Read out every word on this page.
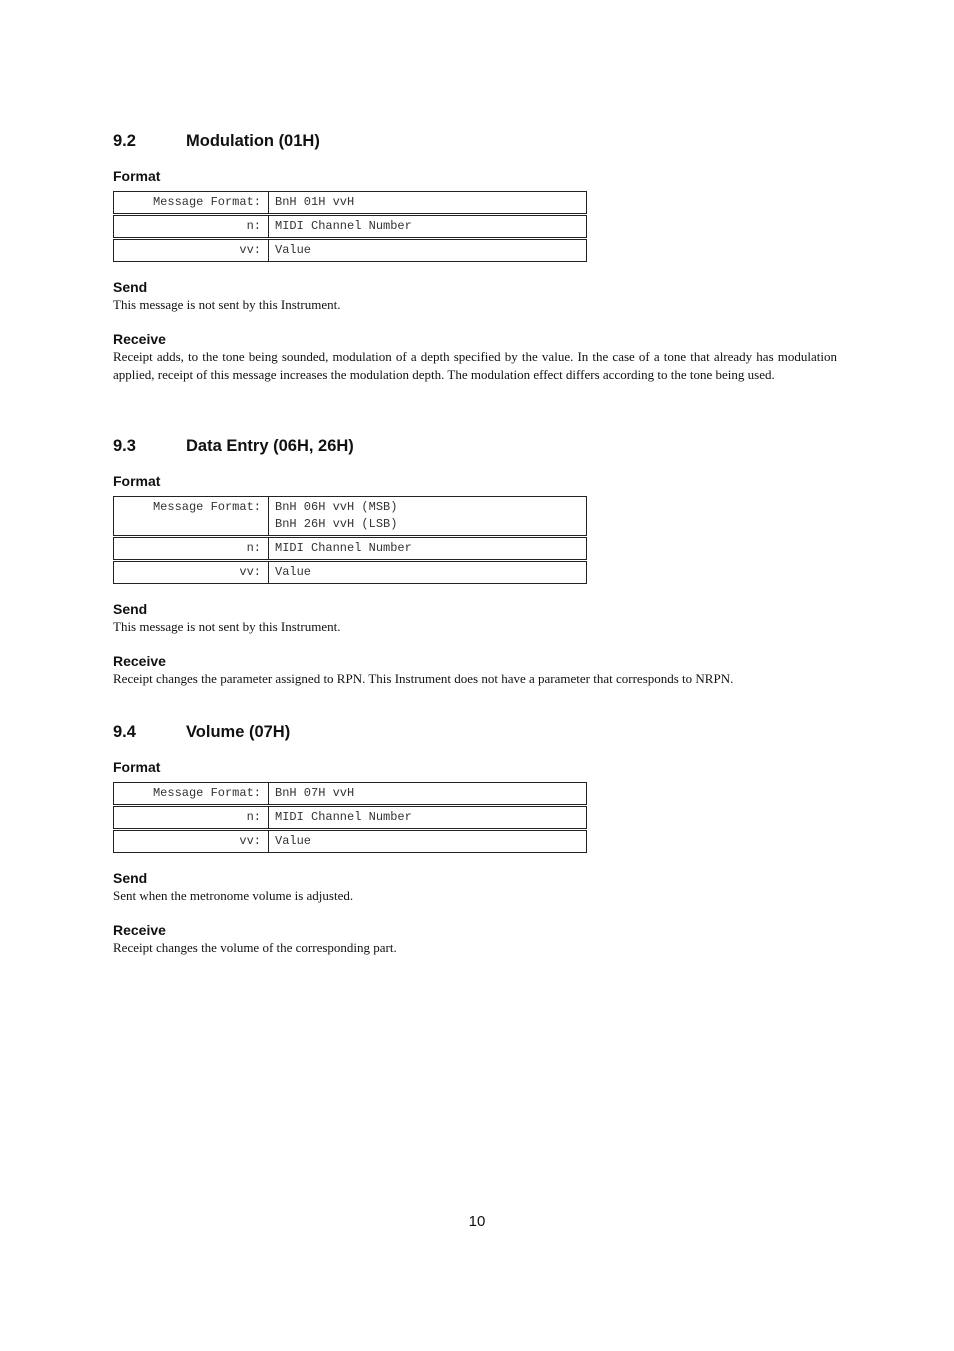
9.2	Modulation (01H)

Format

Message Format:	BnH 01H vvH

n:	MIDI Channel Number

vv:	Value

Send

This message is not sent by this Instrument.

Receive

Receipt adds, to the tone being sounded, modulation of a depth specified by the value. In the case of a tone that already has modulation applied, receipt of this message increases the modulation depth. The modulation effect differs according to the tone being used.

9.3	Data Entry (06H, 26H)

Format

Message Format:	BnH 06H vvH (MSB)
BnH 26H vvH (LSB)

n:	MIDI Channel Number

vv:	Value

Send

This message is not sent by this Instrument.

Receive

Receipt changes the parameter assigned to RPN. This Instrument does not have a parameter that corresponds to NRPN.

9.4	Volume (07H)

Format

Message Format:	BnH 07H vvH

n:	MIDI Channel Number

vv:	Value

Send

Sent when the metronome volume is adjusted.

Receive

Receipt changes the volume of the corresponding part.

10
